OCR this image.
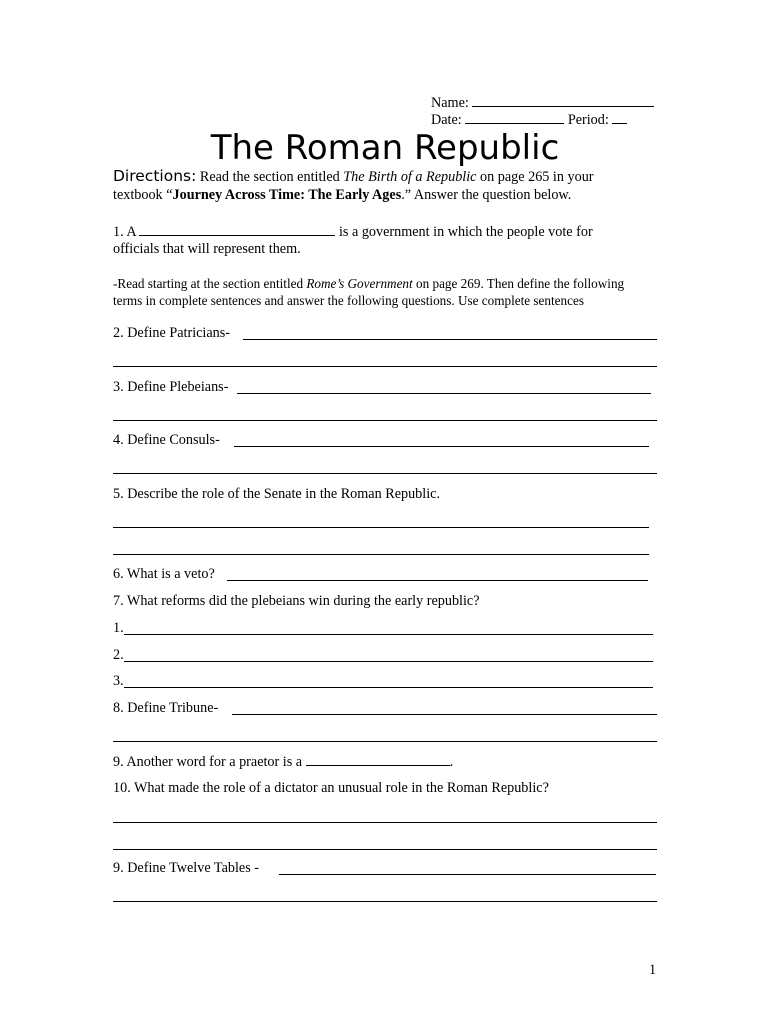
Name:
Date:	Period:
The Roman Republic
Directions: Read the section entitled The Birth of a Republic on page 265 in your
textbook “Journey Across Time: The Early Ages.” Answer the question below.
1. A	is a government in which the people vote for
officials that will represent them.
-Read starting at the section entitled Rome’s Government on page 269. Then define the following
terms in complete sentences and answer the following questions. Use complete sentences
2. Define Patricians-
3. Define Plebeians-
4. Define Consuls-
5. Describe the role of the Senate in the Roman Republic.
6. What is a veto?
7. What reforms did the plebeians win during the early republic?
1.
2.
3.
8. Define Tribune-
9. Another word for a praetor is a	.
10. What made the role of a dictator an unusual role in the Roman Republic?
9. Define Twelve Tables -
1
